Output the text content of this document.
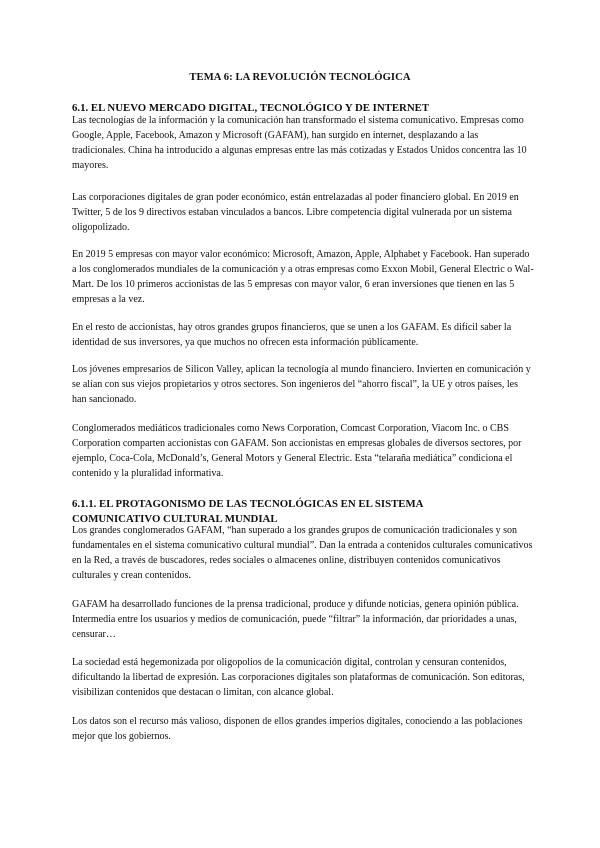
TEMA 6: LA REVOLUCIÓN TECNOLÓGICA
6.1. EL NUEVO MERCADO DIGITAL, TECNOLÓGICO Y DE INTERNET

Las tecnologías de la información y la comunicación han transformado el sistema comunicativo. Empresas como Google, Apple, Facebook, Amazon y Microsoft (GAFAM), han surgido en internet, desplazando a las tradicionales. China ha introducido a algunas empresas entre las más cotizadas y Estados Unidos concentra las 10 mayores.

Las corporaciones digitales de gran poder económico, están entrelazadas al poder financiero global. En 2019 en Twitter, 5 de los 9 directivos estaban vinculados a bancos. Libre competencia digital vulnerada por un sistema oligopolizado.

En 2019 5 empresas con mayor valor económico: Microsoft, Amazon, Apple, Alphabet y Facebook. Han superado a los conglomerados mundiales de la comunicación y a otras empresas como Exxon Mobil, General Electric o Wal-Mart. De los 10 primeros accionistas de las 5 empresas con mayor valor, 6 eran inversiones que tienen en las 5 empresas a la vez.

En el resto de accionistas, hay otros grandes grupos financieros, que se unen a los GAFAM. Es difícil saber la identidad de sus inversores, ya que muchos no ofrecen esta información públicamente.

Los jóvenes empresarios de Silicon Valley, aplican la tecnología al mundo financiero. Invierten en comunicación y se alían con sus viejos propietarios y otros sectores. Son ingenieros del “ahorro fiscal”, la UE y otros países, les han sancionado.

Conglomerados mediáticos tradicionales como News Corporation, Comcast Corporation, Viacom Inc. o CBS Corporation comparten accionistas con GAFAM. Son accionistas en empresas globales de diversos sectores, por ejemplo, Coca-Cola, McDonald’s, General Motors y General Electric. Esta “telaraña mediática” condiciona el contenido y la pluralidad informativa.

6.1.1. EL PROTAGONISMO DE LAS TECNOLÓGICAS EN EL SISTEMA
COMUNICATIVO CULTURAL MUNDIAL

Los grandes conglomerados GAFAM, “han superado a los grandes grupos de comunicación tradicionales y son fundamentales en el sistema comunicativo cultural mundial”. Dan la entrada a contenidos culturales comunicativos en la Red, a través de buscadores, redes sociales o almacenes online, distribuyen contenidos comunicativos culturales y crean contenidos.

GAFAM ha desarrollado funciones de la prensa tradicional, produce y difunde noticias, genera opinión pública. Intermedia entre los usuarios y medios de comunicación, puede “filtrar” la información, dar prioridades a unas, censurar…

La sociedad está hegemonizada por oligopolios de la comunicación digital, controlan y censuran contenidos, dificultando la libertad de expresión. Las corporaciones digitales son plataformas de comunicación. Son editoras, visibilizan contenidos que destacan o limitan, con alcance global.

Los datos son el recurso más valioso, disponen de ellos grandes imperios digitales, conociendo a las poblaciones mejor que los gobiernos.
